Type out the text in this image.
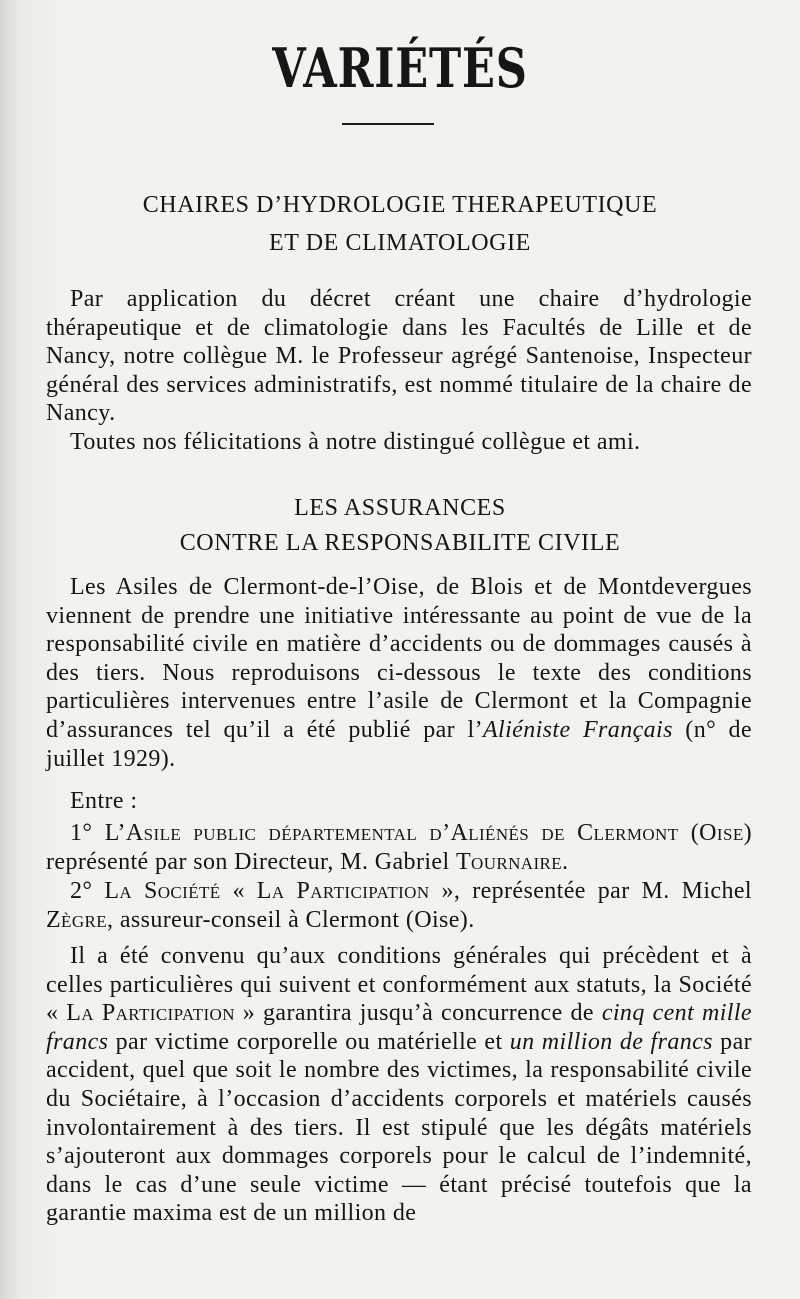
VARIÉTÉS
CHAIRES D’HYDROLOGIE THERAPEUTIQUE
ET DE CLIMATOLOGIE

Par application du décret créant une chaire d’hydrologie thérapeutique et de climatologie dans les Facultés de Lille et de Nancy, notre collègue M. le Professeur agrégé Santenoise, Inspecteur général des services administratifs, est nommé titulaire de la chaire de Nancy.

Toutes nos félicitations à notre distingué collègue et ami.

LES ASSURANCES
CONTRE LA RESPONSABILITE CIVILE

Les Asiles de Clermont-de-l’Oise, de Blois et de Montdevergues viennent de prendre une initiative intéressante au point de vue de la responsabilité civile en matière d’accidents ou de dommages causés à des tiers. Nous reproduisons ci-dessous le texte des conditions particulières intervenues entre l’asile de Clermont et la Compagnie d’assurances tel qu’il a été publié par l’Aliéniste Français (n° de juillet 1929).

Entre :

1° L’Asile public départemental d’Aliénés de Clermont (Oise) représenté par son Directeur, M. Gabriel Tournaire.

2° La Société « La Participation », représentée par M. Michel Zègre, assureur-conseil à Clermont (Oise).

Il a été convenu qu’aux conditions générales qui précèdent et à celles particulières qui suivent et conformément aux statuts, la Société « La Participation » garantira jusqu’à concurrence de cinq cent mille francs par victime corporelle ou matérielle et un million de francs par accident, quel que soit le nombre des victimes, la responsabilité civile du Sociétaire, à l’occasion d’accidents corporels et matériels causés involontairement à des tiers. Il est stipulé que les dégâts matériels s’ajouteront aux dommages corporels pour le calcul de l’indemnité, dans le cas d’une seule victime — étant précisé toutefois que la garantie maxima est de un million de
